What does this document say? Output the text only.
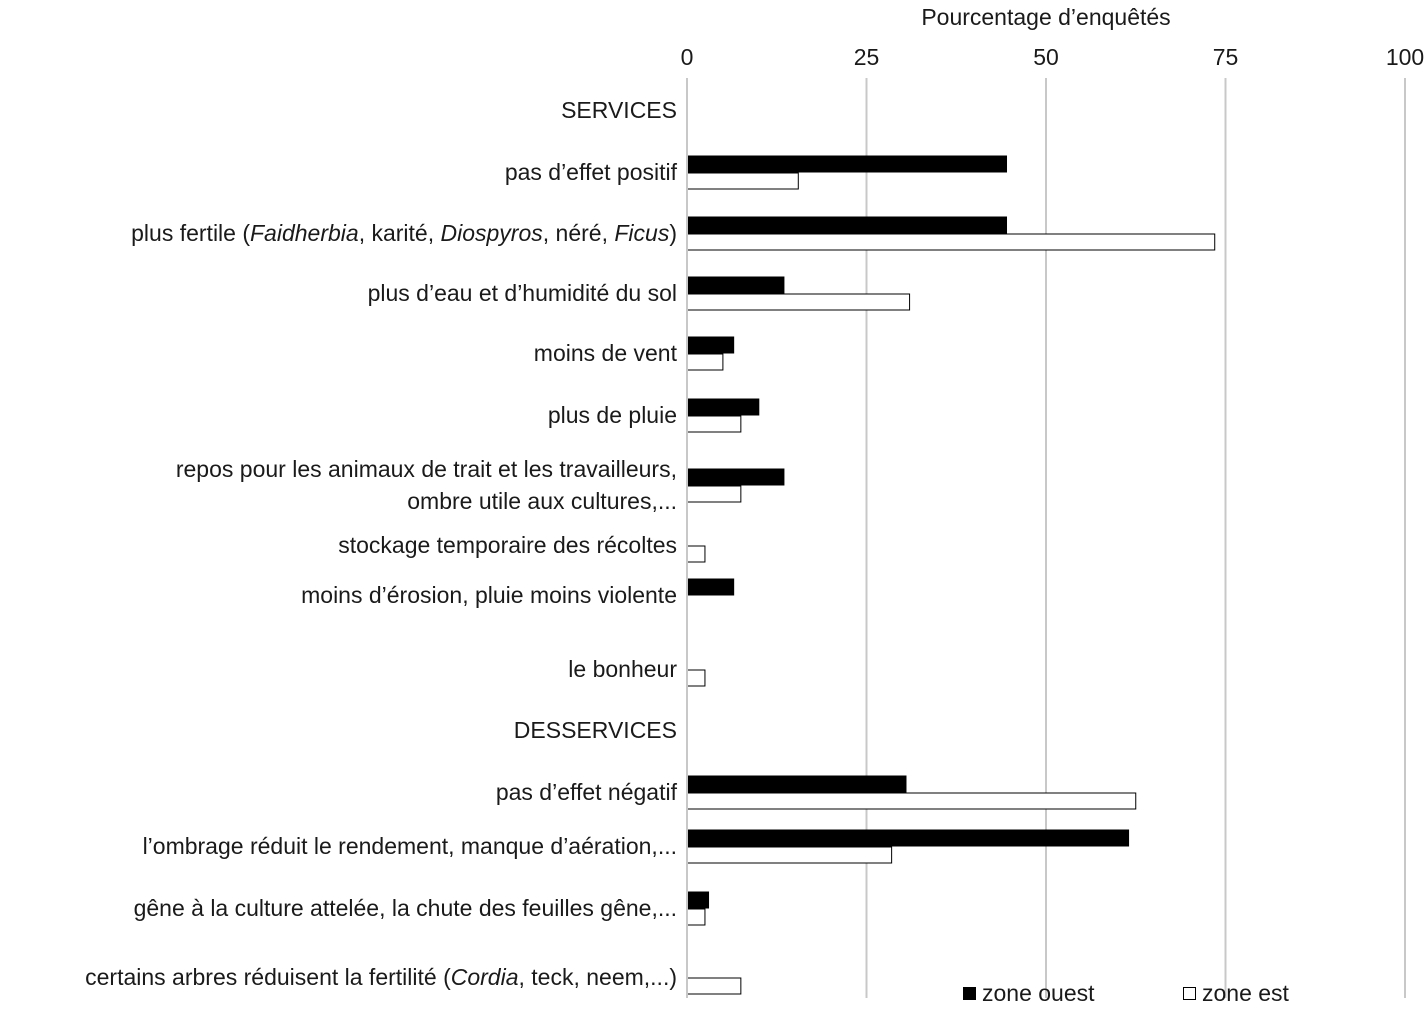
Pourcentage d’enquêtés
0	25	50	75	100
SERVICES
pas d’effet positif
plus fertile (Faidherbia, karité, Diospyros, néré, Ficus)
plus d’eau et d’humidité du sol
moins de vent
plus de pluie
repos pour les animaux de trait et les travailleurs,
ombre utile aux cultures,...
stockage temporaire des récoltes
moins d’érosion, pluie moins violente
le bonheur
DESSERVICES
pas d’effet négatif
l’ombrage réduit le rendement, manque d’aération,...
gêne à la culture attelée, la chute des feuilles gêne,...
certains arbres réduisent la fertilité (Cordia, teck, neem,...)
zone ouest	zone est
